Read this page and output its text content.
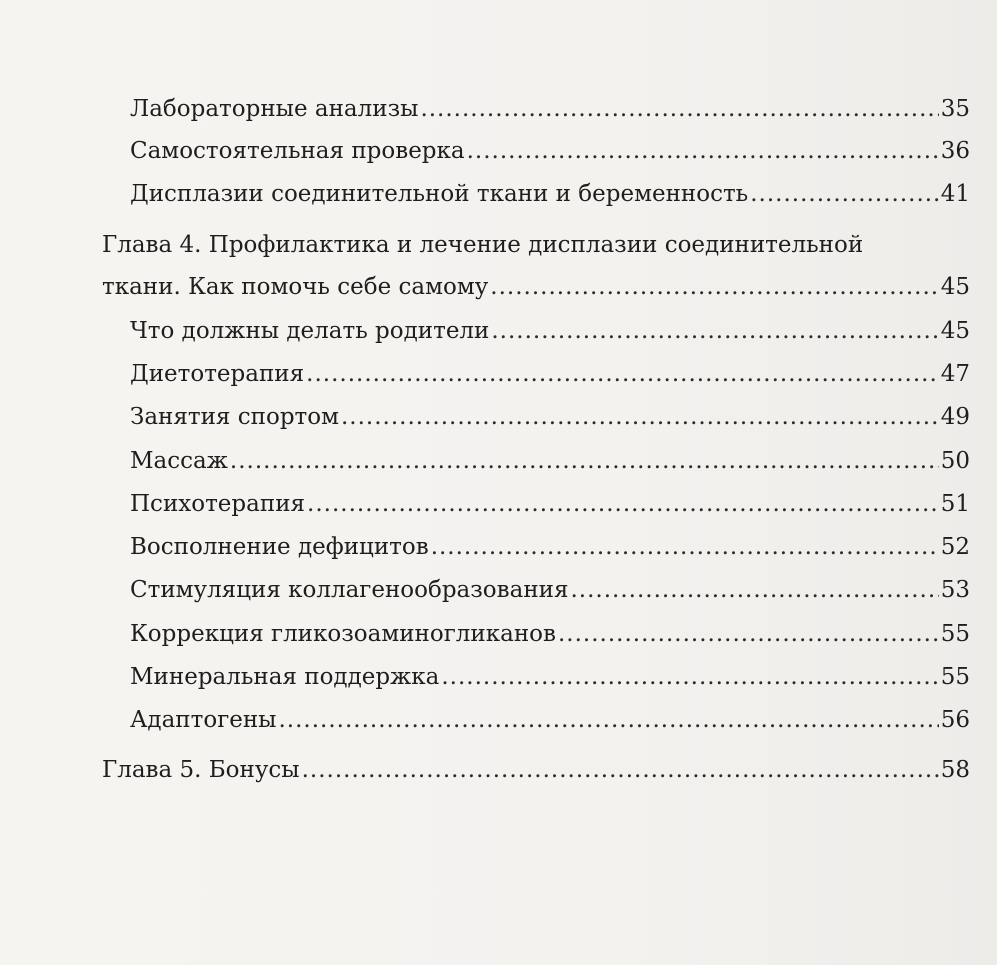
Лабораторные анализы .....	35
Самостоятельная проверка .....	36
Дисплазии соединительной ткани и беременность .....	41
Глава 4. Профилактика и лечение дисплазии соединительной
ткани. Как помочь себе самому .....	45
Что должны делать родители .....	45
Диетотерапия .....	47
Занятия спортом .....	49
Массаж .....	50
Психотерапия .....	51
Восполнение дефицитов .....	52
Стимуляция коллагенообразования .....	53
Коррекция гликозоаминогликанов .....	55
Минеральная поддержка .....	55
Адаптогены .....	56
Глава 5. Бонусы .....	58
